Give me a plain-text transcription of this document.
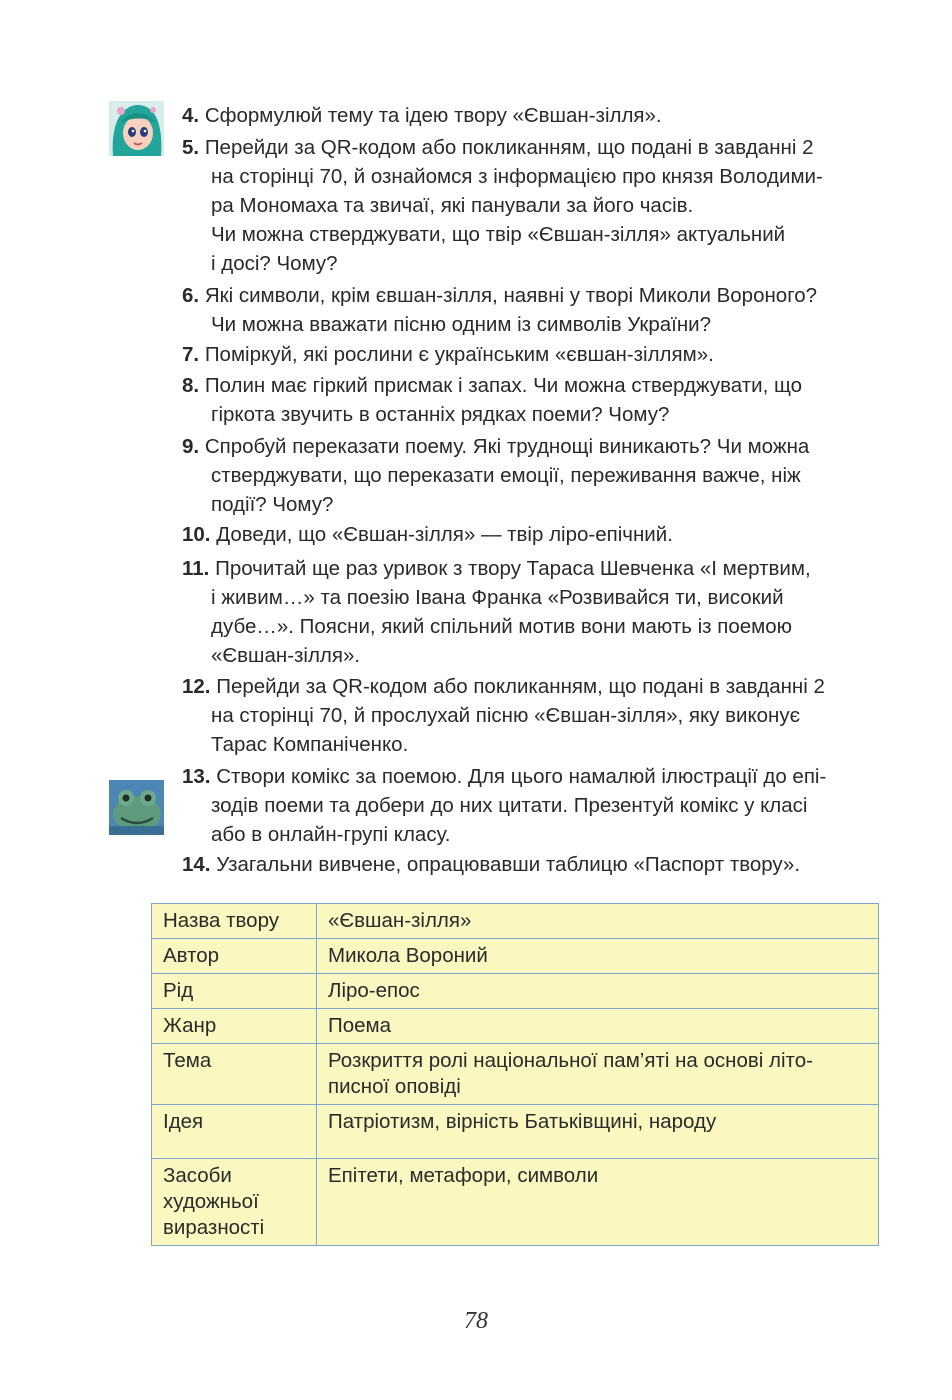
4. Сформулюй тему та ідею твору «Євшан-зілля».
5. Перейди за QR-кодом або покликанням, що подані в завданні 2
на сторінці 70, й ознайомся з інформацією про князя Володими-
ра Мономаха та звичаї, які панували за його часів.
Чи можна стверджувати, що твір «Євшан-зілля» актуальний
і досі? Чому?
6. Які символи, крім євшан-зілля, наявні у творі Миколи Вороного?
Чи можна вважати пісню одним із символів України?
7. Поміркуй, які рослини є українським «євшан-зіллям».
8. Полин має гіркий присмак і запах. Чи можна стверджувати, що
гіркота звучить в останніх рядках поеми? Чому?
9. Спробуй переказати поему. Які труднощі виникають? Чи можна
стверджувати, що переказати емоції, переживання важче, ніж
події? Чому?
10. Доведи, що «Євшан-зілля» — твір ліро-епічний.
11. Прочитай ще раз уривок з твору Тараса Шевченка «І мертвим,
і живим…» та поезію Івана Франка «Розвивайся ти, високий
дубе…». Поясни, який спільний мотив вони мають із поемою
«Євшан-зілля».
12. Перейди за QR-кодом або покликанням, що подані в завданні 2
на сторінці 70, й прослухай пісню «Євшан-зілля», яку виконує
Тарас Компаніченко.
13. Створи комікс за поемою. Для цього намалюй ілюстрації до епі-
зодів поеми та добери до них цитати. Презентуй комікс у класі
або в онлайн-групі класу.
14. Узагальни вивчене, опрацювавши таблицю «Паспорт твору».
Назва твору	«Євшан-зілля»
Автор	Микола Вороний
Рід	Ліро-епос
Жанр	Поема
Тема	Розкриття ролі національної пам’яті на основі літо-
писної оповіді
Ідея	Патріотизм, вірність Батьківщині, народу
Засоби
художньої
виразності	Епітети, метафори, символи
78
